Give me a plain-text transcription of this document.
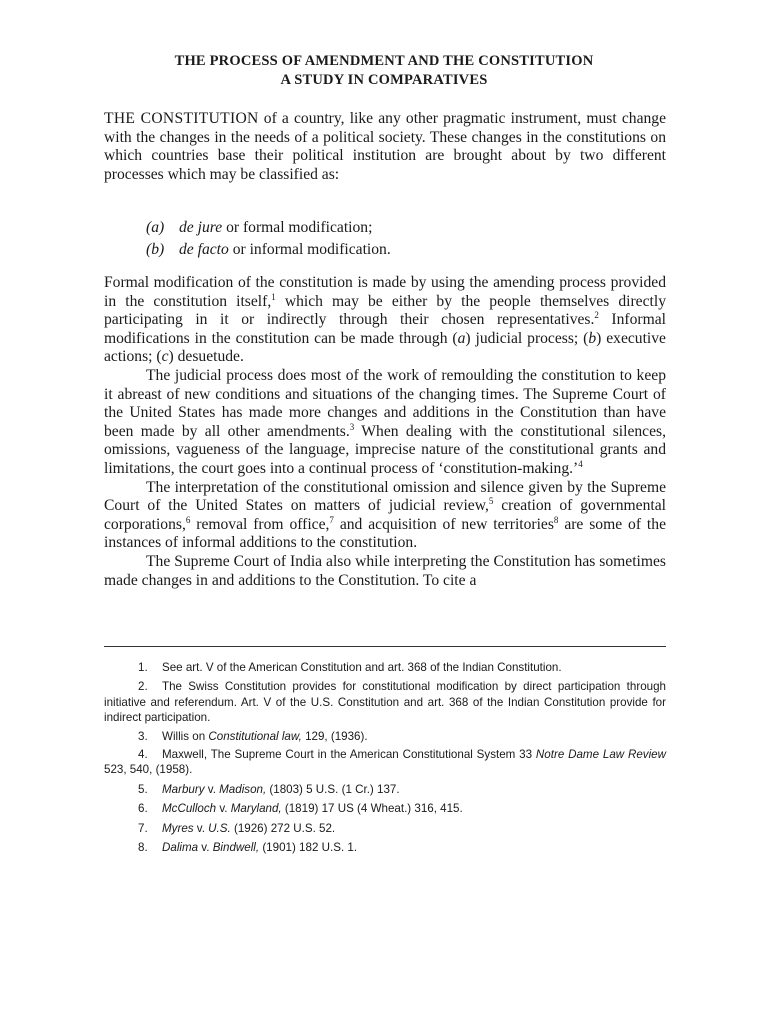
THE PROCESS OF AMENDMENT AND THE CONSTITUTION
A STUDY IN COMPARATIVES

THE CONSTITUTION of a country, like any other pragmatic instrument, must change with the changes in the needs of a political society. These changes in the constitutions on which countries base their political institution are brought about by two different processes which may be classified as:

(a) de jure or formal modification;
(b) de facto or informal modification.

Formal modification of the constitution is made by using the amending process provided in the constitution itself,$^1$ which may be either by the people themselves directly participating in it or indirectly through their chosen representatives.$^2$ Informal modifications in the constitution can be made through (a) judicial process; (b) executive actions; (c) desuetude.

The judicial process does most of the work of remoulding the constitution to keep it abreast of new conditions and situations of the changing times. The Supreme Court of the United States has made more changes and additions in the Constitution than have been made by all other amendments.$^3$ When dealing with the constitutional silences, omissions, vagueness of the language, imprecise nature of the constitutional grants and limitations, the court goes into a continual process of ‘constitution-making.’$^4$

The interpretation of the constitutional omission and silence given by the Supreme Court of the United States on matters of judicial review,$^5$ creation of governmental corporations,$^6$ removal from office,$^7$ and acquisition of new territories$^8$ are some of the instances of informal additions to the constitution.

The Supreme Court of India also while interpreting the Constitution has sometimes made changes in and additions to the Constitution. To cite a

1. See art. V of the American Constitution and art. 368 of the Indian Constitution.
2. The Swiss Constitution provides for constitutional modification by direct participation through initiative and referendum. Art. V of the U.S. Constitution and art. 368 of the Indian Constitution provide for indirect participation.
3. Willis on Constitutional law, 129, (1936).
4. Maxwell, The Supreme Court in the American Constitutional System 33 Notre Dame Law Review 523, 540, (1958).
5. Marbury v. Madison, (1803) 5 U.S. (1 Cr.) 137.
6. McCulloch v. Maryland, (1819) 17 US (4 Wheat.) 316, 415.
7. Myres v. U.S. (1926) 272 U.S. 52.
8. Dalima v. Bindwell, (1901) 182 U.S. 1.
